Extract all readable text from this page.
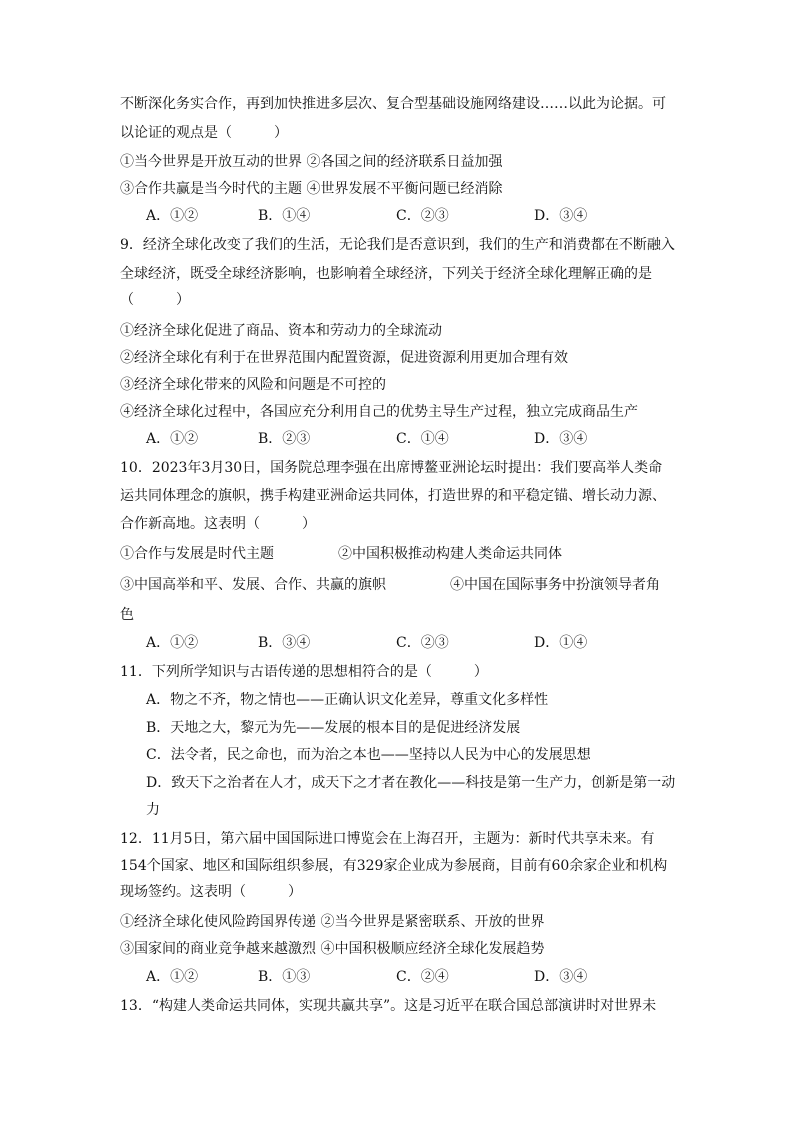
不断深化务实合作，再到加快推进多层次、复合型基础设施网络建设……以此为论据。可
以论证的观点是（　　　）
①当今世界是开放互动的世界 ②各国之间的经济联系日益加强
③合作共赢是当今时代的主题 ④世界发展不平衡问题已经消除
A．①②	B．①④	C．②③	D．③④
9．经济全球化改变了我们的生活，无论我们是否意识到，我们的生产和消费都在不断融入
全球经济，既受全球经济影响，也影响着全球经济，下列关于经济全球化理解正确的是
（　　　）
①经济全球化促进了商品、资本和劳动力的全球流动
②经济全球化有利于在世界范围内配置资源，促进资源利用更加合理有效
③经济全球化带来的风险和问题是不可控的
④经济全球化过程中，各国应充分利用自己的优势主导生产过程，独立完成商品生产
A．①②	B．②③	C．①④	D．③④
10．2023年3月30日，国务院总理李强在出席博鳌亚洲论坛时提出：我们要高举人类命
运共同体理念的旗帜，携手构建亚洲命运共同体，打造世界的和平稳定锚、增长动力源、
合作新高地。这表明（　　　）
①合作与发展是时代主题	②中国积极推动构建人类命运共同体
③中国高举和平、发展、合作、共赢的旗帜	④中国在国际事务中扮演领导者角
色
A．①②	B．③④	C．②③	D．①④
11．下列所学知识与古语传递的思想相符合的是（　　　）
A．物之不齐，物之情也——正确认识文化差异，尊重文化多样性
B．天地之大，黎元为先——发展的根本目的是促进经济发展
C．法令者，民之命也，而为治之本也——坚持以人民为中心的发展思想
D．致天下之治者在人才，成天下之才者在教化——科技是第一生产力，创新是第一动
力
12．11月5日，第六届中国国际进口博览会在上海召开，主题为：新时代共享未来。有
154个国家、地区和国际组织参展，有329家企业成为参展商，目前有60余家企业和机构
现场签约。这表明（　　　）
①经济全球化使风险跨国界传递 ②当今世界是紧密联系、开放的世界
③国家间的商业竞争越来越激烈 ④中国积极顺应经济全球化发展趋势
A．①②	B．①③	C．②④	D．③④
13．“构建人类命运共同体，实现共赢共享”。这是习近平在联合国总部演讲时对世界未
